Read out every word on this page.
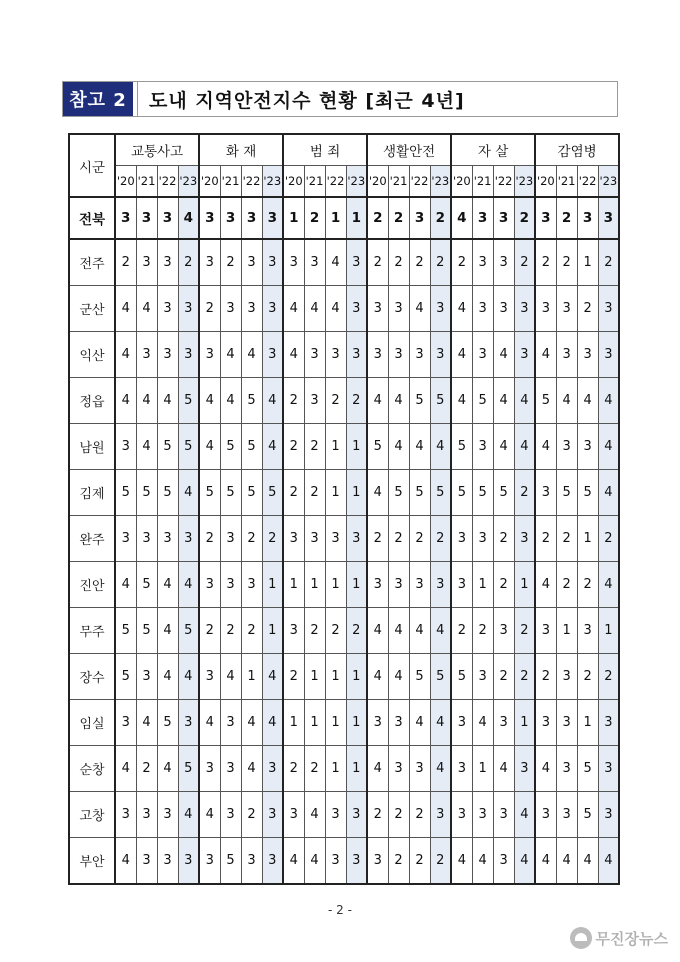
참고 2	도내 지역안전지수 현황 [최근 4년]
시군	교통사고				화 재				범 죄				생활안전				자 살				감염병			
	'20	'21	'22	'23	'20	'21	'22	'23	'20	'21	'22	'23	'20	'21	'22	'23	'20	'21	'22	'23	'20	'21	'22	'23
전북	3	3	3	4	3	3	3	3	1	2	1	1	2	2	3	2	4	3	3	2	3	2	3	3
전주	2	3	3	2	3	2	3	3	3	3	4	3	2	2	2	2	2	3	3	2	2	2	1	2
군산	4	4	3	3	2	3	3	3	4	4	4	3	3	3	4	3	4	3	3	3	3	3	2	3
익산	4	3	3	3	3	4	4	3	4	3	3	3	3	3	3	3	4	3	4	3	4	3	3	3
정읍	4	4	4	5	4	4	5	4	2	3	2	2	4	4	5	5	4	5	4	4	5	4	4	4
남원	3	4	5	5	4	5	5	4	2	2	1	1	5	4	4	4	5	3	4	4	4	3	3	4
김제	5	5	5	4	5	5	5	5	2	2	1	1	4	5	5	5	5	5	5	2	3	5	5	4
완주	3	3	3	3	2	3	2	2	3	3	3	3	2	2	2	2	3	3	2	3	2	2	1	2
진안	4	5	4	4	3	3	3	1	1	1	1	1	3	3	3	3	3	1	2	1	4	2	2	4
무주	5	5	4	5	2	2	2	1	3	2	2	2	4	4	4	4	2	2	3	2	3	1	3	1
장수	5	3	4	4	3	4	1	4	2	1	1	1	4	4	5	5	5	3	2	2	2	3	2	2
임실	3	4	5	3	4	3	4	4	1	1	1	1	3	3	4	4	3	4	3	1	3	3	1	3
순창	4	2	4	5	3	3	4	3	2	2	1	1	4	3	3	4	3	1	4	3	4	3	5	3
고창	3	3	3	4	4	3	2	3	3	4	3	3	2	2	2	3	3	3	3	4	3	3	5	3
부안	4	3	3	3	3	5	3	3	4	4	3	3	3	2	2	2	4	4	3	4	4	4	4	4
- 2 -
무진장뉴스
